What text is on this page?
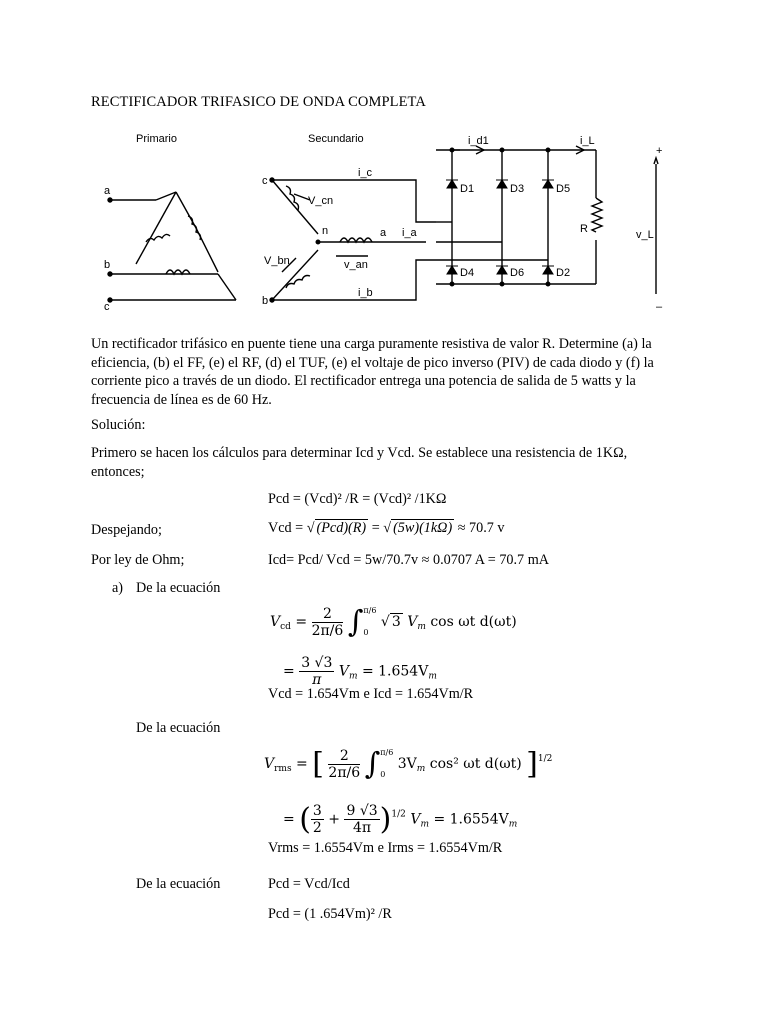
RECTIFICADOR TRIFASICO DE ONDA COMPLETA
Primario	Secundario
a
b
c
c
b
a
n
i_c
i_a
i_b
V_cn
v_an
V_bn
i_d1	i_L
D1	D3	D5
D4	D6	D2
R	v_L
+
–
Un rectificador trifásico en puente tiene una carga puramente resistiva de valor R. Determine (a) la eficiencia, (b) el FF, (e) el RF, (d) el TUF, (e) el voltaje de pico inverso (PIV) de cada diodo y (f) la corriente pico a través de un diodo. El rectificador entrega una potencia de salida de 5 watts y la frecuencia de línea es de 60 Hz.
Solución:
Primero se hacen los cálculos para determinar Icd y Vcd. Se establece una resistencia de 1KΩ,
entonces;
Pcd = (Vcd)² /R = (Vcd)² /1KΩ
Despejando;	Vcd = √ (Pcd)(R) = √ (5w)(1kΩ) ≈ 70.7 v
Por ley de Ohm;	Icd= Pcd/ Vcd = 5w/70.7v ≈ 0.0707 A = 70.7 mA
a) De la ecuación
$V_{cd} = \frac{2}{2\pi/6}$ ∫ π/6
0
√ 3 $V_m$ cos ωt d(ωt)
= $\frac{3 √3}{\pi} V_m = 1.654V_m$
Vcd = 1.654Vm e Icd = 1.654Vm/R
De la ecuación
$V_{rms}$ = [ $\frac{2}{2\pi/6}$ ∫ π/6
0
$3V_m$ cos² ωt d(ωt) ]$^{1/2}$
= ( $\frac{3}{2} + \frac{9 √3}{4\pi} )^{1/2}$ $V_m = 1.6554V_m$
Vrms = 1.6554Vm e Irms = 1.6554Vm/R
De la ecuación	Pcd = Vcd/Icd
Pcd = (1 .654Vm)² /R
